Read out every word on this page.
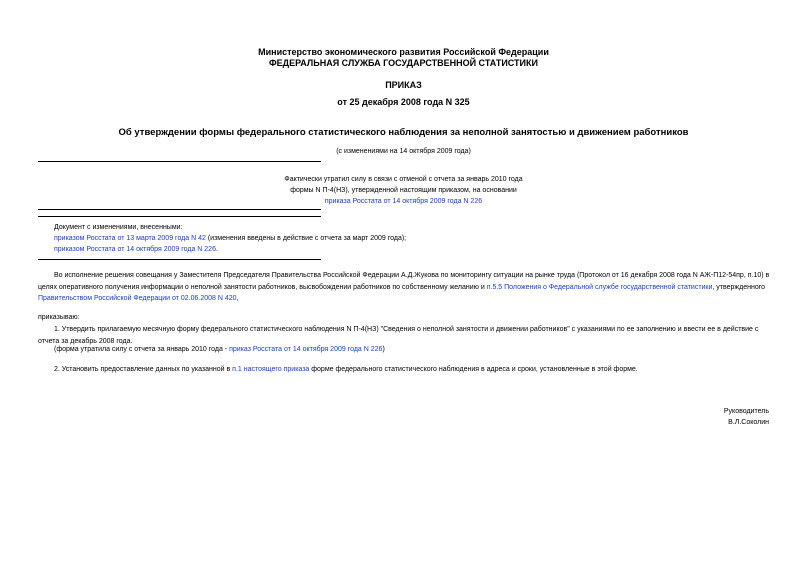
Министерство экономического развития Российской Федерации
ФЕДЕРАЛЬНАЯ СЛУЖБА ГОСУДАРСТВЕННОЙ СТАТИСТИКИ
ПРИКАЗ
от 25 декабря 2008 года N 325
Об утверждении формы федерального статистического наблюдения за неполной занятостью и движением работников
(с изменениями на 14 октября 2009 года)
Фактически утратил силу в связи с отменой с отчета за январь 2010 года
формы N П-4(НЗ), утвержденной настоящим приказом, на основании
приказа Росстата от 14 октября 2009 года N 226
Документ с изменениями, внесенными:
приказом Росстата от 13 марта 2009 года N 42 (изменения введены в действие с отчета за март 2009 года);
приказом Росстата от 14 октября 2009 года N 226.
Во исполнение решения совещания у Заместителя Председателя Правительства Российской Федерации А.Д.Жукова по мониторингу ситуации на рынке труда (Протокол от 16 декабря 2008 года N АЖ-П12-54пр, п.10) в целях оперативного получения информации о неполной занятости работников, высвобождении работников по собственному желанию и п.5.5 Положения о Федеральной службе государственной статистики, утвержденного Правительством Российской Федерации от 02.06.2008 N 420,
приказываю:
1. Утвердить прилагаемую месячную форму федерального статистического наблюдения N П-4(НЗ) "Сведения о неполной занятости и движении работников" с указаниями по ее заполнению и ввести ее в действие с отчета за декабрь 2008 года.
(форма утратила силу с отчета за январь 2010 года - приказ Росстата от 14 октября 2009 года N 226)
2. Установить предоставление данных по указанной в п.1 настоящего приказа форме федерального статистического наблюдения в адреса и сроки, установленные в этой форме.
Руководитель
В.Л.Соколин
